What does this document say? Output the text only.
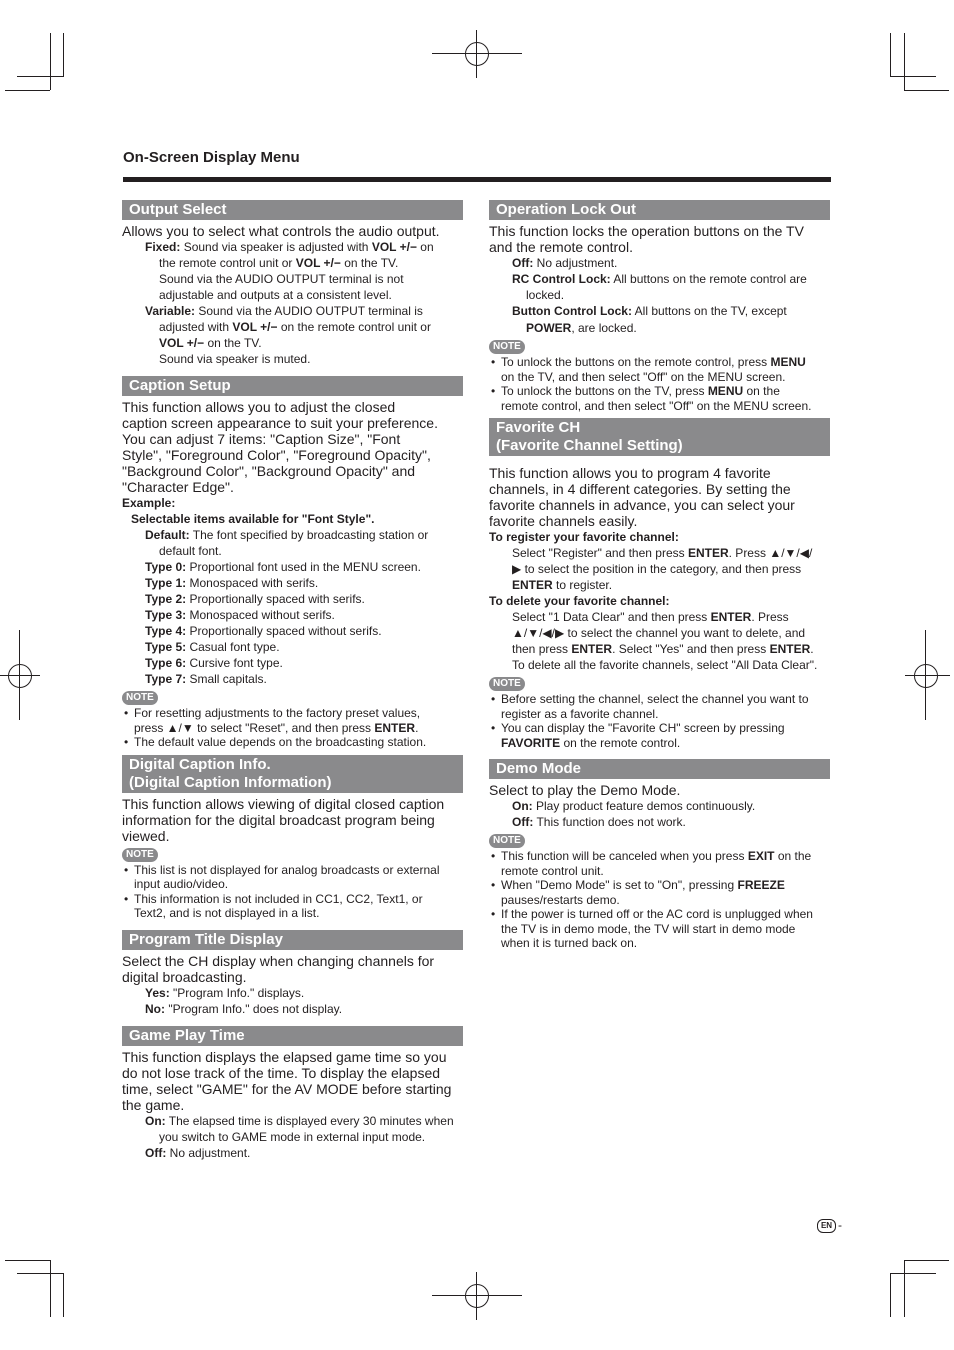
On-Screen Display Menu
Output Select

Allows you to select what controls the audio output.

Fixed: Sound via speaker is adjusted with VOL +/− on
the remote control unit or VOL +/− on the TV.
Sound via the AUDIO OUTPUT terminal is not
adjustable and outputs at a consistent level.
Variable: Sound via the AUDIO OUTPUT terminal is
adjusted with VOL +/− on the remote control unit or
VOL +/− on the TV.
Sound via speaker is muted.
Caption Setup

This function allows you to adjust the closed

caption screen appearance to suit your preference.

You can adjust 7 items: "Caption Size", "Font

Style", "Foreground Color", "Foreground Opacity",

"Background Color", "Background Opacity" and

"Character Edge".

Example:
Selectable items available for "Font Style".
Default: The font specified by broadcasting station or
default font.
Type 0: Proportional font used in the MENU screen.
Type 1: Monospaced with serifs.
Type 2: Proportionally spaced with serifs.
Type 3: Monospaced without serifs.
Type 4: Proportionally spaced without serifs.
Type 5: Casual font type.
Type 6: Cursive font type.
Type 7: Small capitals.
NOTE
• For resetting adjustments to the factory preset values,
press ▲/▼ to select "Reset", and then press ENTER.
• The default value depends on the broadcasting station.
Digital Caption Info.
(Digital Caption Information)

This function allows viewing of digital closed caption

information for the digital broadcast program being

viewed.

NOTE
• This list is not displayed for analog broadcasts or external
input audio/video.
• This information is not included in CC1, CC2, Text1, or
Text2, and is not displayed in a list.
Program Title Display

Select the CH display when changing channels for

digital broadcasting.

Yes: "Program Info." displays.
No: "Program Info." does not display.
Game Play Time

This function displays the elapsed game time so you

do not lose track of the time. To display the elapsed

time, select "GAME" for the AV MODE before starting

the game.

On: The elapsed time is displayed every 30 minutes when
you switch to GAME mode in external input mode.
Off: No adjustment.
Operation Lock Out

This function locks the operation buttons on the TV

and the remote control.

Off: No adjustment.
RC Control Lock: All buttons on the remote control are
locked.
Button Control Lock: All buttons on the TV, except
POWER, are locked.
NOTE
• To unlock the buttons on the remote control, press MENU
on the TV, and then select "Off" on the MENU screen.
• To unlock the buttons on the TV, press MENU on the
remote control, and then select "Off" on the MENU screen.
Favorite CH
(Favorite Channel Setting)

This function allows you to program 4 favorite

channels, in 4 different categories. By setting the

favorite channels in advance, you can select your

favorite channels easily.

To register your favorite channel:
Select "Register" and then press ENTER. Press ▲/▼/◀/
▶ to select the position in the category, and then press
ENTER to register.
To delete your favorite channel:
Select "1 Data Clear" and then press ENTER. Press
▲/▼/◀/▶ to select the channel you want to delete, and
then press ENTER. Select "Yes" and then press ENTER.
To delete all the favorite channels, select "All Data Clear".
NOTE
• Before setting the channel, select the channel you want to
register as a favorite channel.
• You can display the "Favorite CH" screen by pressing
FAVORITE on the remote control.
Demo Mode

Select to play the Demo Mode.

On: Play product feature demos continuously.
Off: This function does not work.
NOTE
• This function will be canceled when you press EXIT on the
remote control unit.
• When "Demo Mode" is set to "On", pressing FREEZE
pauses/restarts demo.
• If the power is turned off or the AC cord is unplugged when
the TV is in demo mode, the TV will start in demo mode
when it is turned back on.
EN -
